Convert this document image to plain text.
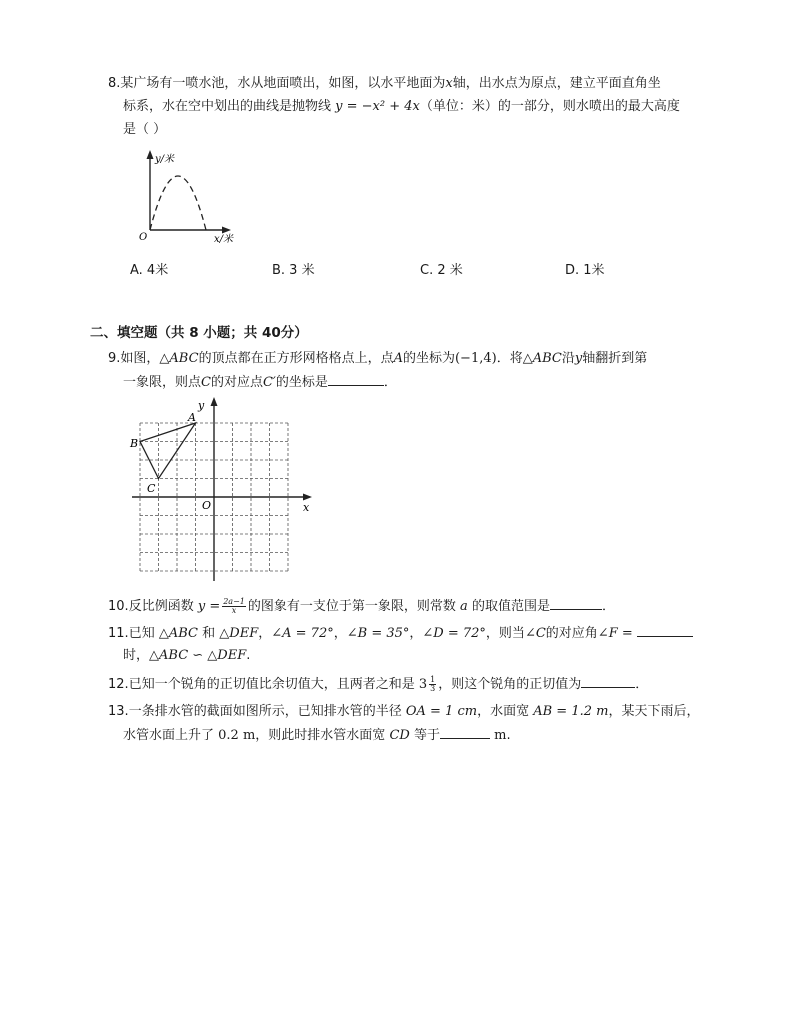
8.某广场有一喷水池，水从地面喷出，如图，以水平地面为x轴，出水点为原点，建立平面直角坐
标系，水在空中划出的曲线是抛物线 y = −x² + 4x（单位：米）的一部分，则水喷出的最大高度
是（ ）
y/米
x/米
O
A. 4米	B. 3 米	C. 2 米	D. 1米
二、填空题（共 8 小题；共 40分）
9.如图，△ABC的顶点都在正方形网格格点上，点A的坐标为(−1,4)．将△ABC沿y轴翻折到第
一象限，则点C的对应点C′的坐标是	．
A
B
C
O	x
y
10.反比例函数 $y = \frac{2a-1}{x}$ 的图象有一支位于第一象限，则常数 a 的取值范围是	．
11.已知 △ABC 和 △DEF，∠A = 72°，∠B = 35°，∠D = 72°，则当∠C的对应角∠F =
时，△ABC ∽ △DEF.
12.已知一个锐角的正切值比余切值大，且两者之和是 $3 \frac{1}{3}$ ，则这个锐角的正切值为	．
13.一条排水管的截面如图所示，已知排水管的半径 OA = 1 cm，水面宽 AB = 1.2 m，某天下雨后，
水管水面上升了 0.2 m，则此时排水管水面宽 CD 等于	m.
